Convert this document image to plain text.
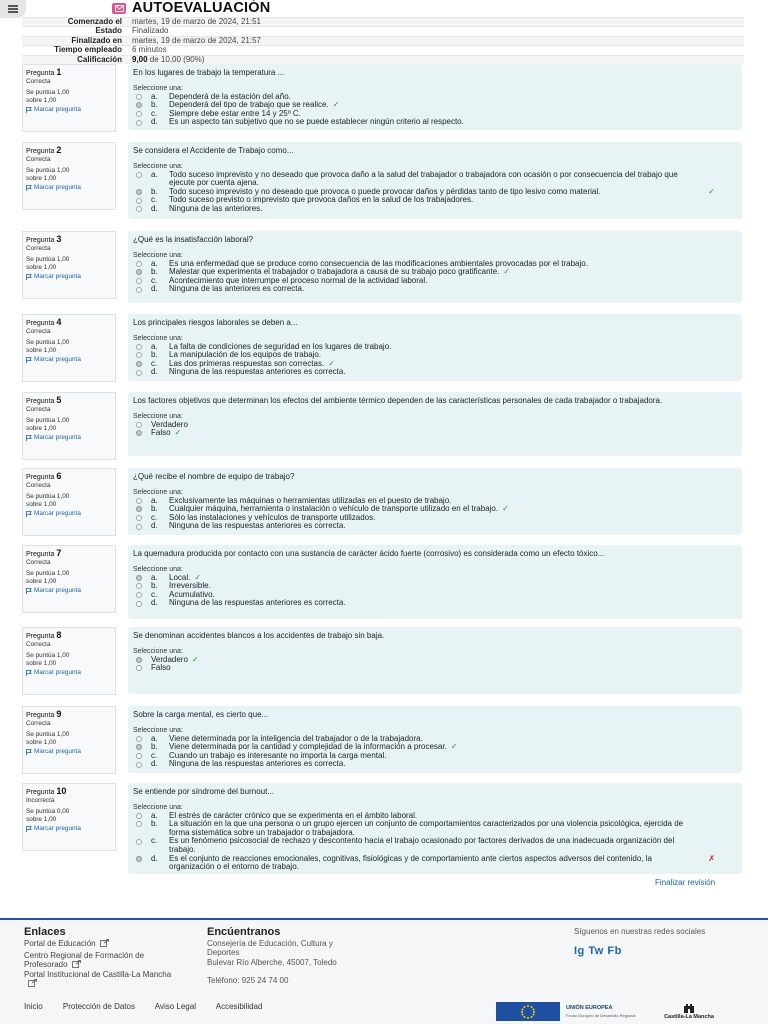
AUTOEVALUACIÓN
Comenzado el	martes, 19 de marzo de 2024, 21:51
Estado	Finalizado
Finalizado en	martes, 19 de marzo de 2024, 21:57
Tiempo empleado	6 minutos
Calificación	9,00 de 10,00 (90%)
Pregunta 1
Correcta
Se puntúa 1,00
sobre 1,00
Marcar pregunta
En los lugares de trabajo la temperatura ...
Seleccione una:
a.	Dependerá de la estación del año.
b.	Dependerá del tipo de trabajo que se realice. ✓
c.	Siempre debe estar entre 14 y 25º C.
d.	Es un aspecto tan subjetivo que no se puede establecer ningún criterio al respecto.
Pregunta 2
Correcta
Se puntúa 1,00
sobre 1,00
Marcar pregunta
Se considera el Accidente de Trabajo como...
Seleccione una:
a.	Todo suceso imprevisto y no deseado que provoca daño a la salud del trabajador o trabajadora con ocasión o por consecuencia del trabajo que ejecute por cuenta ajena.
b.	Todo suceso imprevisto y no deseado que provoca o puede provocar daños y pérdidas tanto de tipo lesivo como material.	✓
c.	Todo suceso previsto o imprevisto que provoca daños en la salud de los trabajadores.
d.	Ninguna de las anteriores.
Pregunta 3
Correcta
Se puntúa 1,00
sobre 1,00
Marcar pregunta
¿Qué es la insatisfacción laboral?
Seleccione una:
a.	Es una enfermedad que se produce como consecuencia de las modificaciones ambientales provocadas por el trabajo.
b.	Malestar que experimenta el trabajador o trabajadora a causa de su trabajo poco gratificante. ✓
c.	Acontecimiento que interrumpe el proceso normal de la actividad laboral.
d.	Ninguna de las anteriores es correcta.
Pregunta 4
Correcta
Se puntúa 1,00
sobre 1,00
Marcar pregunta
Los principales riesgos laborales se deben a...
Seleccione una:
a.	La falta de condiciones de seguridad en los lugares de trabajo.
b.	La manipulación de los equipos de trabajo.
c.	Las dos primeras respuestas son correctas. ✓
d.	Ninguna de las respuestas anteriores es correcta.
Pregunta 5
Correcta
Se puntúa 1,00
sobre 1,00
Marcar pregunta
Los factores objetivos que determinan los efectos del ambiente térmico dependen de las características personales de cada trabajador o trabajadora.
Seleccione una:
Verdadero
Falso ✓
Pregunta 6
Correcta
Se puntúa 1,00
sobre 1,00
Marcar pregunta
¿Qué recibe el nombre de equipo de trabajo?
Seleccione una:
a.	Exclusivamente las máquinas o herramientas utilizadas en el puesto de trabajo.
b.	Cualquier máquina, herramienta o instalación o vehículo de transporte utilizado en el trabajo. ✓
c.	Sólo las instalaciones y vehículos de transporte utilizados.
d.	Ninguna de las respuestas anteriores es correcta.
Pregunta 7
Correcta
Se puntúa 1,00
sobre 1,00
Marcar pregunta
La quemadura producida por contacto con una sustancia de carácter ácido fuerte (corrosivo) es considerada como un efecto tóxico...
Seleccione una:
a.	Local. ✓
b.	Irreversible.
c.	Acumulativo.
d.	Ninguna de las respuestas anteriores es correcta.
Pregunta 8
Correcta
Se puntúa 1,00
sobre 1,00
Marcar pregunta
Se denominan accidentes blancos a los accidentes de trabajo sin baja.
Seleccione una:
Verdadero ✓
Falso
Pregunta 9
Correcta
Se puntúa 1,00
sobre 1,00
Marcar pregunta
Sobre la carga mental, es cierto que...
Seleccione una:
a.	Viene determinada por la inteligencia del trabajador o de la trabajadora.
b.	Viene determinada por la cantidad y complejidad de la información a procesar. ✓
c.	Cuando un trabajo es interesante no importa la carga mental.
d.	Ninguna de las respuestas anteriores es correcta.
Pregunta 10
Incorrecta
Se puntúa 0,00
sobre 1,00
Marcar pregunta
Se entiende por síndrome del burnout...
Seleccione una:
a.	El estrés de carácter crónico que se experimenta en el ámbito laboral.
b.	La situación en la que una persona o un grupo ejercen un conjunto de comportamientos caracterizados por una violencia psicológica, ejercida de forma sistemática sobre un trabajador o trabajadora.
c.	Es un fenómeno psicosocial de rechazo y descontento hacia el trabajo ocasionado por factores derivados de una inadecuada organización del trabajo.
d.	Es el conjunto de reacciones emocionales, cognitivas, fisiológicas y de comportamiento ante ciertos aspectos adversos del contenido, la organización o el entorno de trabajo.
✗
Finalizar revisión
Enlaces
Portal de Educación
Centro Regional de Formación de Profesorado
Portal Institucional de Castilla-La Mancha
Encúentranos
Consejería de Educación, Cultura y Deportes
Bulevar Río Alberche, 45007, Toledo
Teléfono: 925 24 74 00
Síguenos en nuestras redes sociales
Ig Tw Fb
Inicio	Protección de Datos Aviso Legal Accesibilidad	UNIÓN EUROPEA
Fondo Europeo de Desarrollo Regional	Castilla-La Mancha
